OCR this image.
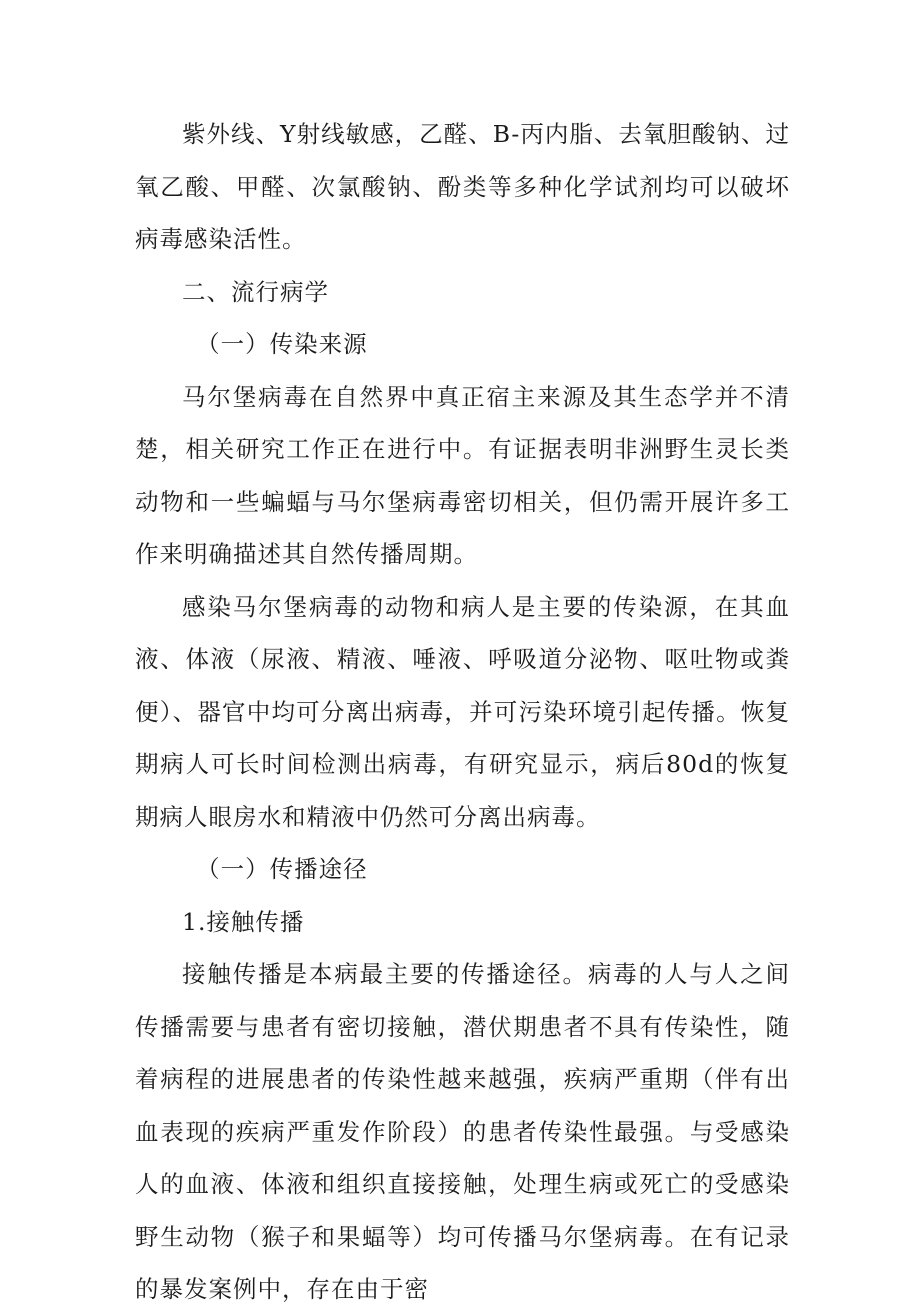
紫外线、Y射线敏感，乙醛、B-丙内脂、去氧胆酸钠、过氧乙酸、甲醛、次氯酸钠、酚类等多种化学试剂均可以破坏病毒感染活性。

二、流行病学

（一）传染来源

马尔堡病毒在自然界中真正宿主来源及其生态学并不清楚，相关研究工作正在进行中。有证据表明非洲野生灵长类动物和一些蝙蝠与马尔堡病毒密切相关，但仍需开展许多工作来明确描述其自然传播周期。

感染马尔堡病毒的动物和病人是主要的传染源，在其血液、体液（尿液、精液、唾液、呼吸道分泌物、呕吐物或粪便）、器官中均可分离出病毒，并可污染环境引起传播。恢复期病人可长时间检测出病毒，有研究显示，病后80d的恢复期病人眼房水和精液中仍然可分离出病毒。

（一）传播途径

1.接触传播

接触传播是本病最主要的传播途径。病毒的人与人之间传播需要与患者有密切接触，潜伏期患者不具有传染性，随着病程的进展患者的传染性越来越强，疾病严重期（伴有出血表现的疾病严重发作阶段）的患者传染性最强。与受感染人的血液、体液和组织直接接触，处理生病或死亡的受感染野生动物（猴子和果蝠等）均可传播马尔堡病毒。在有记录的暴发案例中，存在由于密
